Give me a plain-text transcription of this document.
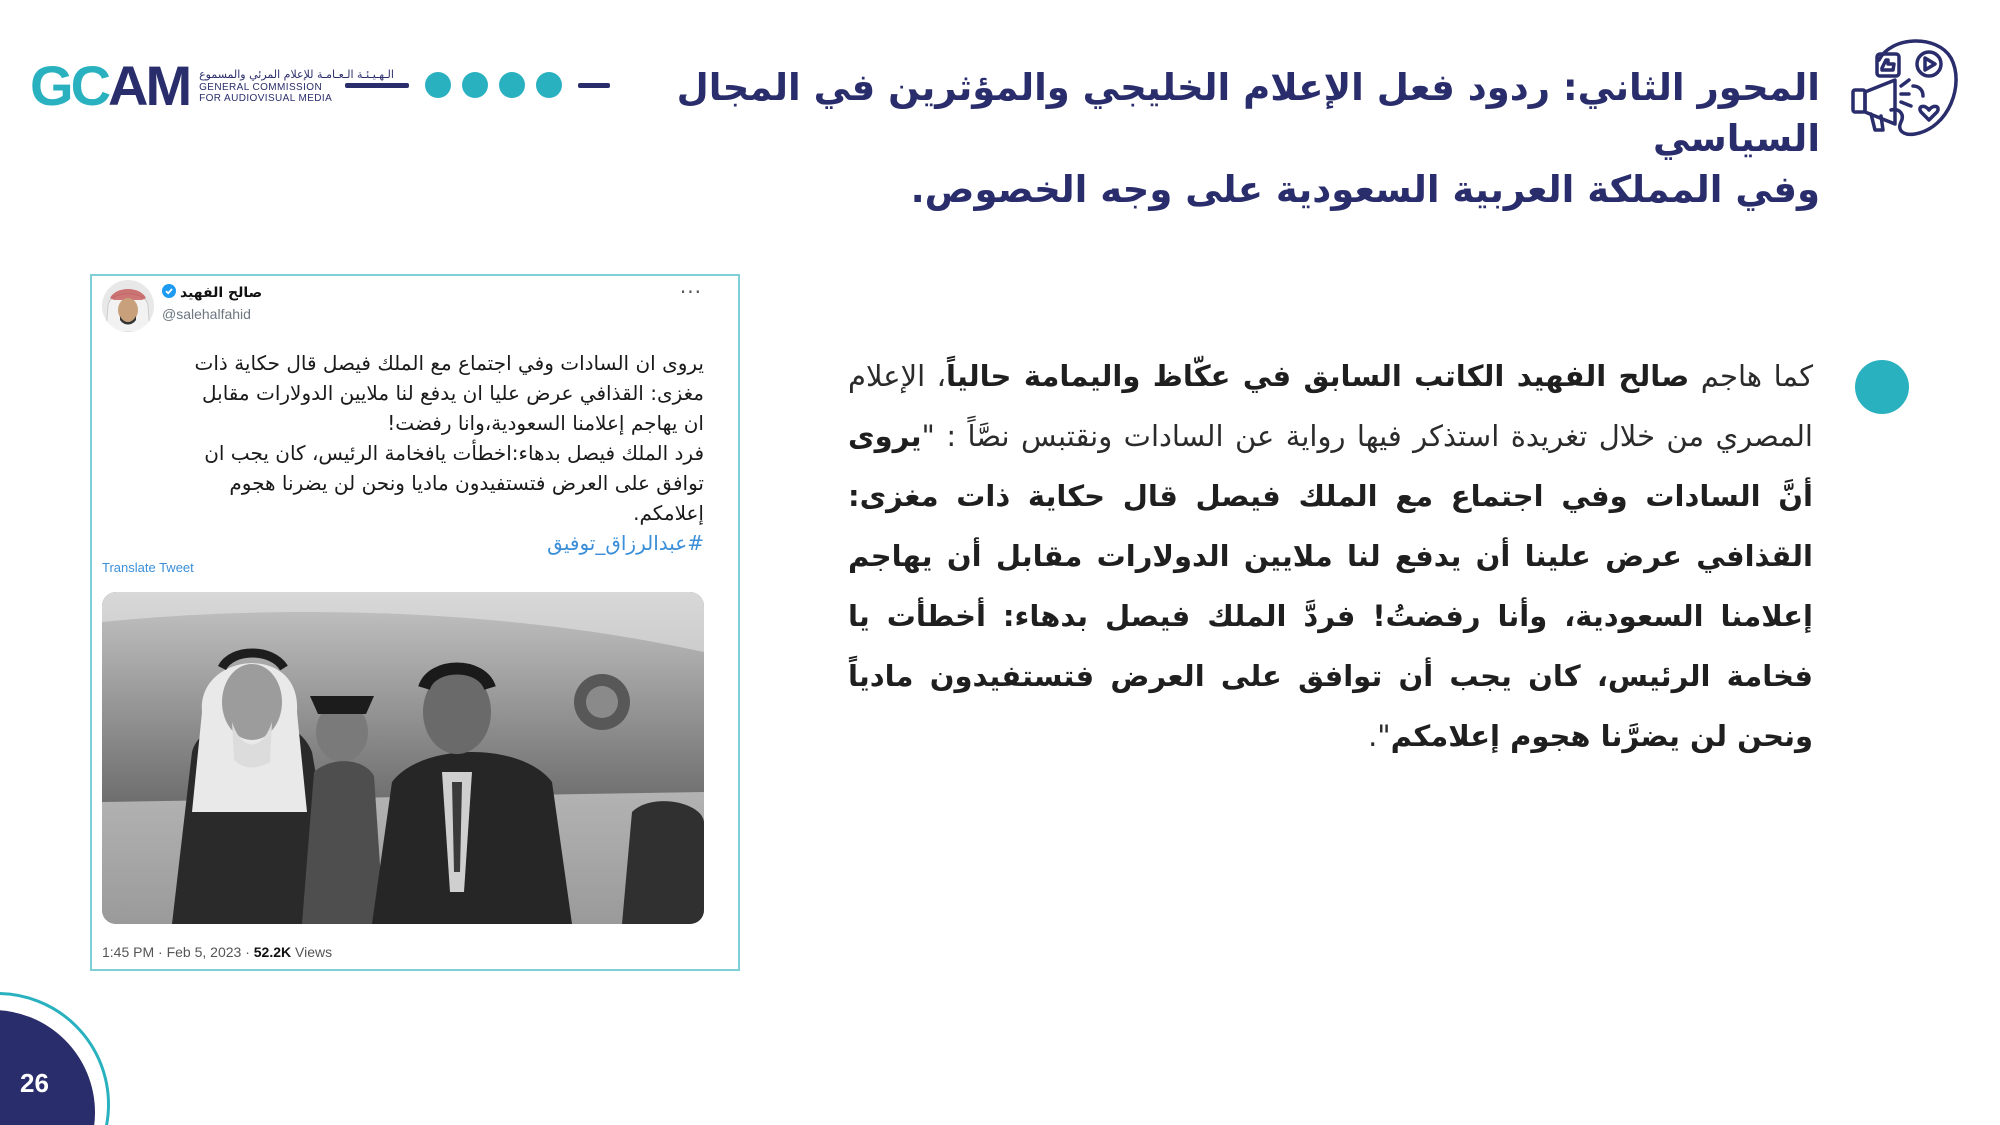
GCAM الـهـيـئـة الـعـامـة للإعلام المرئي والمسموع
GENERAL COMMISSION
FOR AUDIOVISUAL MEDIA	المحور الثاني: ردود فعل الإعلام الخليجي والمؤثرين في المجال السياسي
وفي المملكة العربية السعودية على وجه الخصوص.
صالح الفهيد
@salehalfahid
···

يروى ان السادات وفي اجتماع مع الملك فيصل قال حكاية ذات

مغزى: القذافي عرض عليا ان يدفع لنا ملايين الدولارات مقابل

ان يهاجم إعلامنا السعودية،وانا رفضت!

فرد الملك فيصل بدهاء:اخطأت يافخامة الرئيس، كان يجب ان

توافق على العرض فتستفيدون ماديا ونحن لن يضرنا هجوم

إعلامكم.

#عبدالرزاق_توفيق

Translate Tweet
1:45 PM · Feb 5, 2023 · 52.2K Views
كما هاجم صالح الفهيد الكاتب السابق في عكّاظ واليمامة حالياً، الإعلام المصري من خلال تغريدة استذكر فيها رواية عن السادات ونقتبس نصَّاً : "يروى أنَّ السادات وفي اجتماع مع الملك فيصل قال حكاية ذات مغزى: القذافي عرض علينا أن يدفع لنا ملايين الدولارات مقابل أن يهاجم إعلامنا السعودية، وأنا رفضتُ! فردَّ الملك فيصل بدهاء: أخطأت يا فخامة الرئيس، كان يجب أن توافق على العرض فتستفيدون مادياً ونحن لن يضرَّنا هجوم إعلامكم".
26
